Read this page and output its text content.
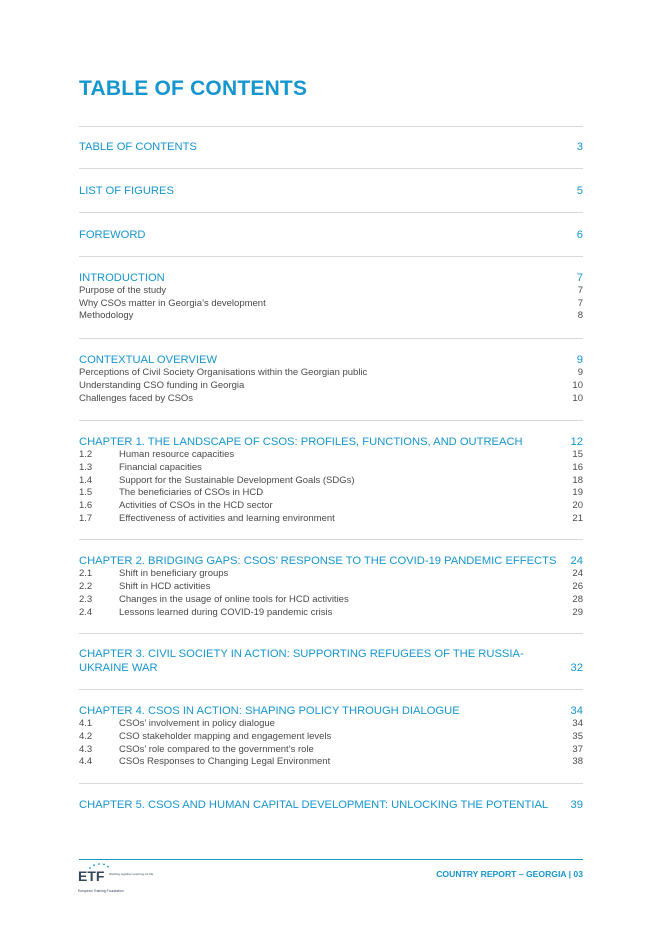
TABLE OF CONTENTS
TABLE OF CONTENTS	3
LIST OF FIGURES	5
FOREWORD	6
INTRODUCTION	7
Purpose of the study	7
Why CSOs matter in Georgia’s development	7
Methodology	8
CONTEXTUAL OVERVIEW	9
Perceptions of Civil Society Organisations within the Georgian public	9
Understanding CSO funding in Georgia	10
Challenges faced by CSOs	10
CHAPTER 1. THE LANDSCAPE OF CSOS: PROFILES, FUNCTIONS, AND OUTREACH	12
1.2	Human resource capacities	15
1.3	Financial capacities	16
1.4	Support for the Sustainable Development Goals (SDGs)	18
1.5	The beneficiaries of CSOs in HCD	19
1.6	Activities of CSOs in the HCD sector	20
1.7	Effectiveness of activities and learning environment	21
CHAPTER 2. BRIDGING GAPS: CSOS’ RESPONSE TO THE COVID-19 PANDEMIC EFFECTS	24
2.1	Shift in beneficiary groups	24
2.2	Shift in HCD activities	26
2.3	Changes in the usage of online tools for HCD activities	28
2.4	Lessons learned during COVID-19 pandemic crisis	29
CHAPTER 3. CIVIL SOCIETY IN ACTION: SUPPORTING REFUGEES OF THE RUSSIA-UKRAINE WAR	32
CHAPTER 4. CSOS IN ACTION: SHAPING POLICY THROUGH DIALOGUE	34
4.1	CSOs’ involvement in policy dialogue	34
4.2	CSO stakeholder mapping and engagement levels	35
4.3	CSOs’ role compared to the government’s role	37
4.4	CSOs Responses to Changing Legal Environment	38
CHAPTER 5. CSOS AND HUMAN CAPITAL DEVELOPMENT: UNLOCKING THE POTENTIAL	39
COUNTRY REPORT – GEORGIA | 03
ETF Working together Learning for life
European Training Foundation
